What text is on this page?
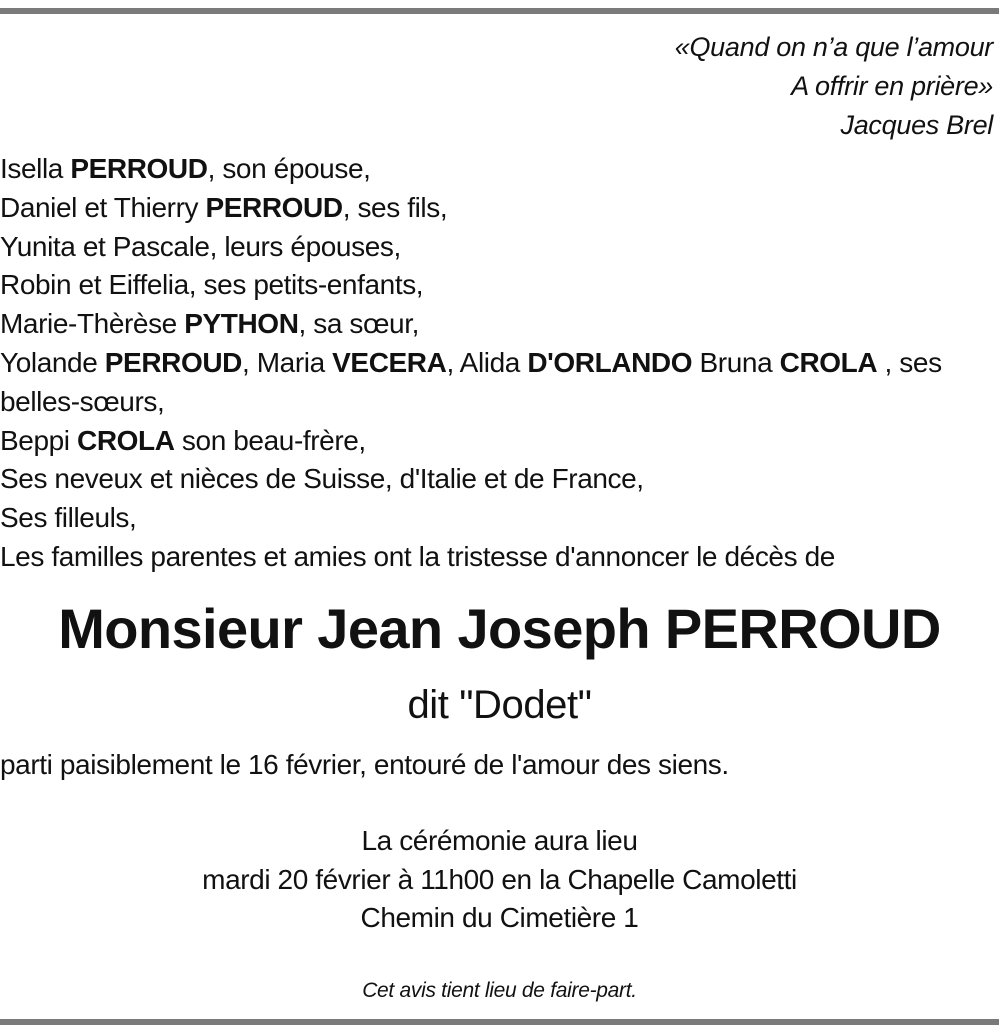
«Quand on n’a que l’amour
A offrir en prière»
Jacques Brel
Isella PERROUD, son épouse,
Daniel et Thierry PERROUD, ses fils,
Yunita et Pascale, leurs épouses,
Robin et Eiffelia, ses petits-enfants,
Marie-Thèrèse PYTHON, sa sœur,
Yolande PERROUD, Maria VECERA, Alida D'ORLANDO Bruna CROLA , ses
belles-sœurs,
Beppi CROLA son beau-frère,
Ses neveux et nièces de Suisse, d'Italie et de France,
Ses filleuls,
Les familles parentes et amies ont la tristesse d'annoncer le décès de
Monsieur Jean Joseph PERROUD
dit "Dodet"
parti paisiblement le 16 février, entouré de l'amour des siens.
La cérémonie aura lieu
mardi 20 février à 11h00 en la Chapelle Camoletti
Chemin du Cimetière 1
Cet avis tient lieu de faire-part.
